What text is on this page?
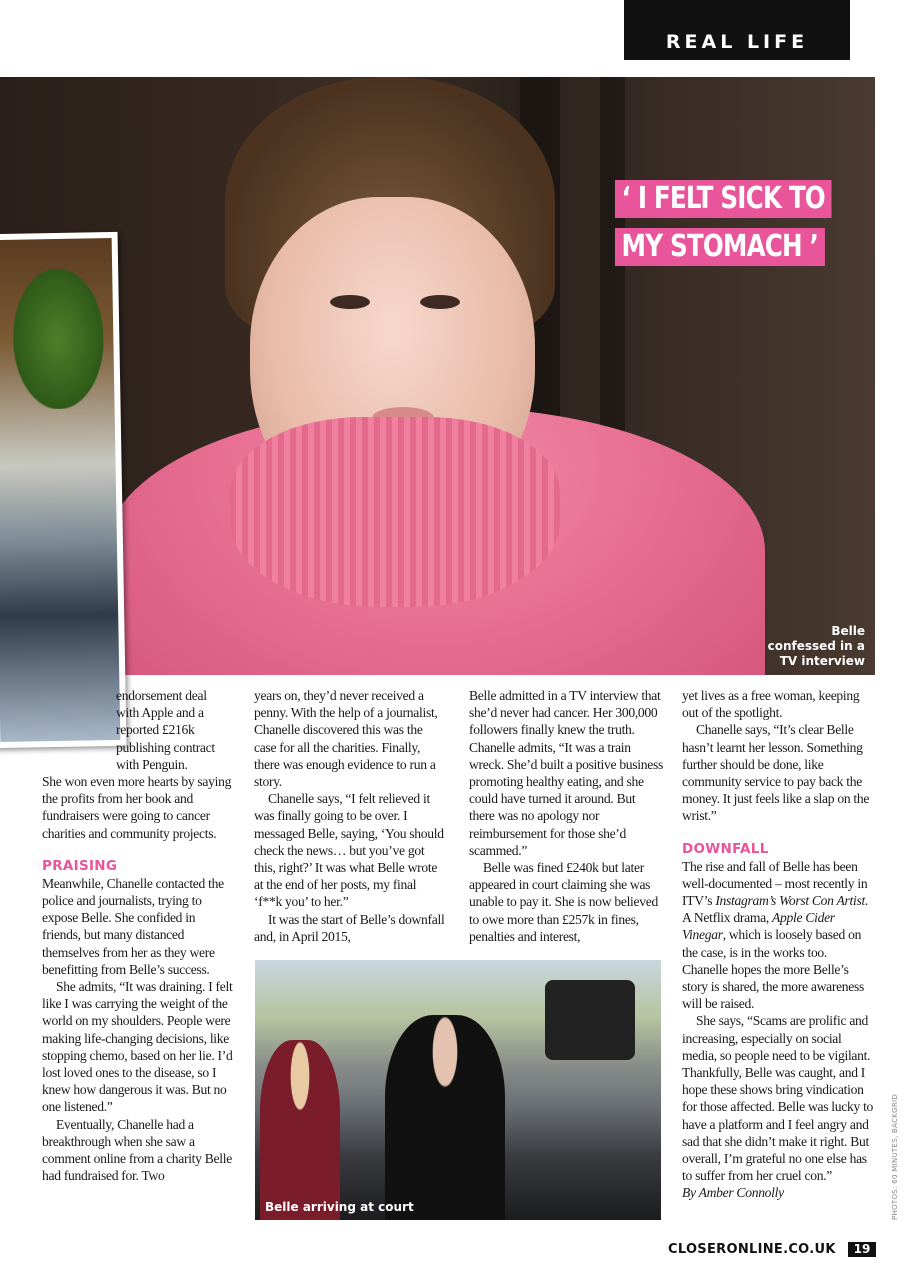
REAL LIFE
Belle
confessed in a
TV interview
‘ I FELT SICK TO
MY STOMACH ’

endorsement deal

with Apple and a

reported £216k

publishing contract

with Penguin.

She won even more hearts by saying the profits from her book and fundraisers were going to cancer charities and community projects.

PRAISING

Meanwhile, Chanelle contacted the police and journalists, trying to expose Belle. She confided in friends, but many distanced themselves from her as they were benefitting from Belle’s success.

She admits, “It was draining. I felt like I was carrying the weight of the world on my shoulders. People were making life-changing decisions, like stopping chemo, based on her lie. I’d lost loved ones to the disease, so I knew how dangerous it was. But no one listened.”

Eventually, Chanelle had a breakthrough when she saw a comment online from a charity Belle had fundraised for. Two

years on, they’d never received a penny. With the help of a journalist, Chanelle discovered this was the case for all the charities. Finally, there was enough evidence to run a story.

Chanelle says, “I felt relieved it was finally going to be over. I messaged Belle, saying, ‘You should check the news… but you’ve got this, right?’ It was what Belle wrote at the end of her posts, my final ‘f**k you’ to her.”

It was the start of Belle’s downfall and, in April 2015,

Belle admitted in a TV interview that she’d never had cancer. Her 300,000 followers finally knew the truth. Chanelle admits, “It was a train wreck. She’d built a positive business promoting healthy eating, and she could have turned it around. But there was no apology nor reimbursement for those she’d scammed.”

Belle was fined £240k but later appeared in court claiming she was unable to pay it. She is now believed to owe more than £257k in fines, penalties and interest,

Belle arriving at court

yet lives as a free woman, keeping out of the spotlight.

Chanelle says, “It’s clear Belle hasn’t learnt her lesson. Something further should be done, like community service to pay back the money. It just feels like a slap on the wrist.”

DOWNFALL

The rise and fall of Belle has been well-documented – most recently in ITV’s Instagram’s Worst Con Artist. A Netflix drama, Apple Cider Vinegar, which is loosely based on the case, is in the works too. Chanelle hopes the more Belle’s story is shared, the more awareness will be raised.

She says, “Scams are prolific and increasing, especially on social media, so people need to be vigilant. Thankfully, Belle was caught, and I hope these shows bring vindication for those affected. Belle was lucky to have a platform and I feel angry and sad that she didn’t make it right. But overall, I’m grateful no one else has to suffer from her cruel con.”

By Amber Connolly	PHOTOS: 60 MINUTES, BACKGRID
CLOSERONLINE.CO.UK	19
